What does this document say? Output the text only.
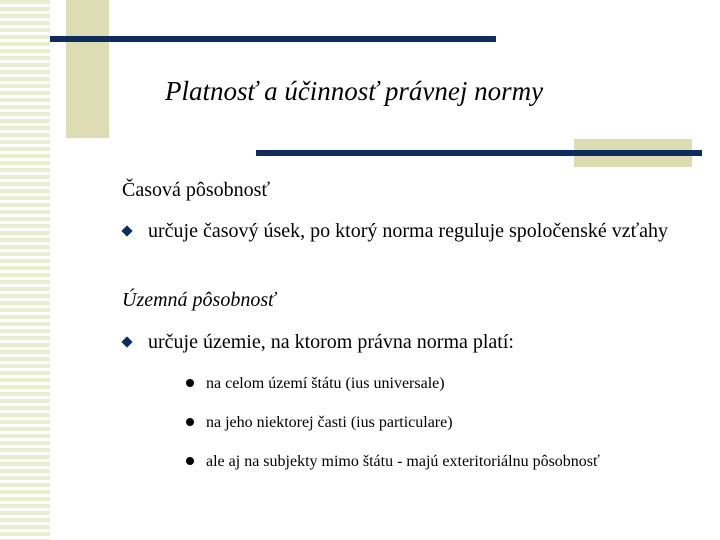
Platnosť a účinnosť právnej normy

Časová pôsobnosť

určuje časový úsek, po ktorý norma reguluje spoločenské vzťahy

Územná pôsobnosť

určuje územie, na ktorom právna norma platí:
na celom území štátu (ius universale)
na jeho niektorej časti (ius particulare)
ale aj na subjekty mimo štátu - majú exteritoriálnu pôsobnosť
